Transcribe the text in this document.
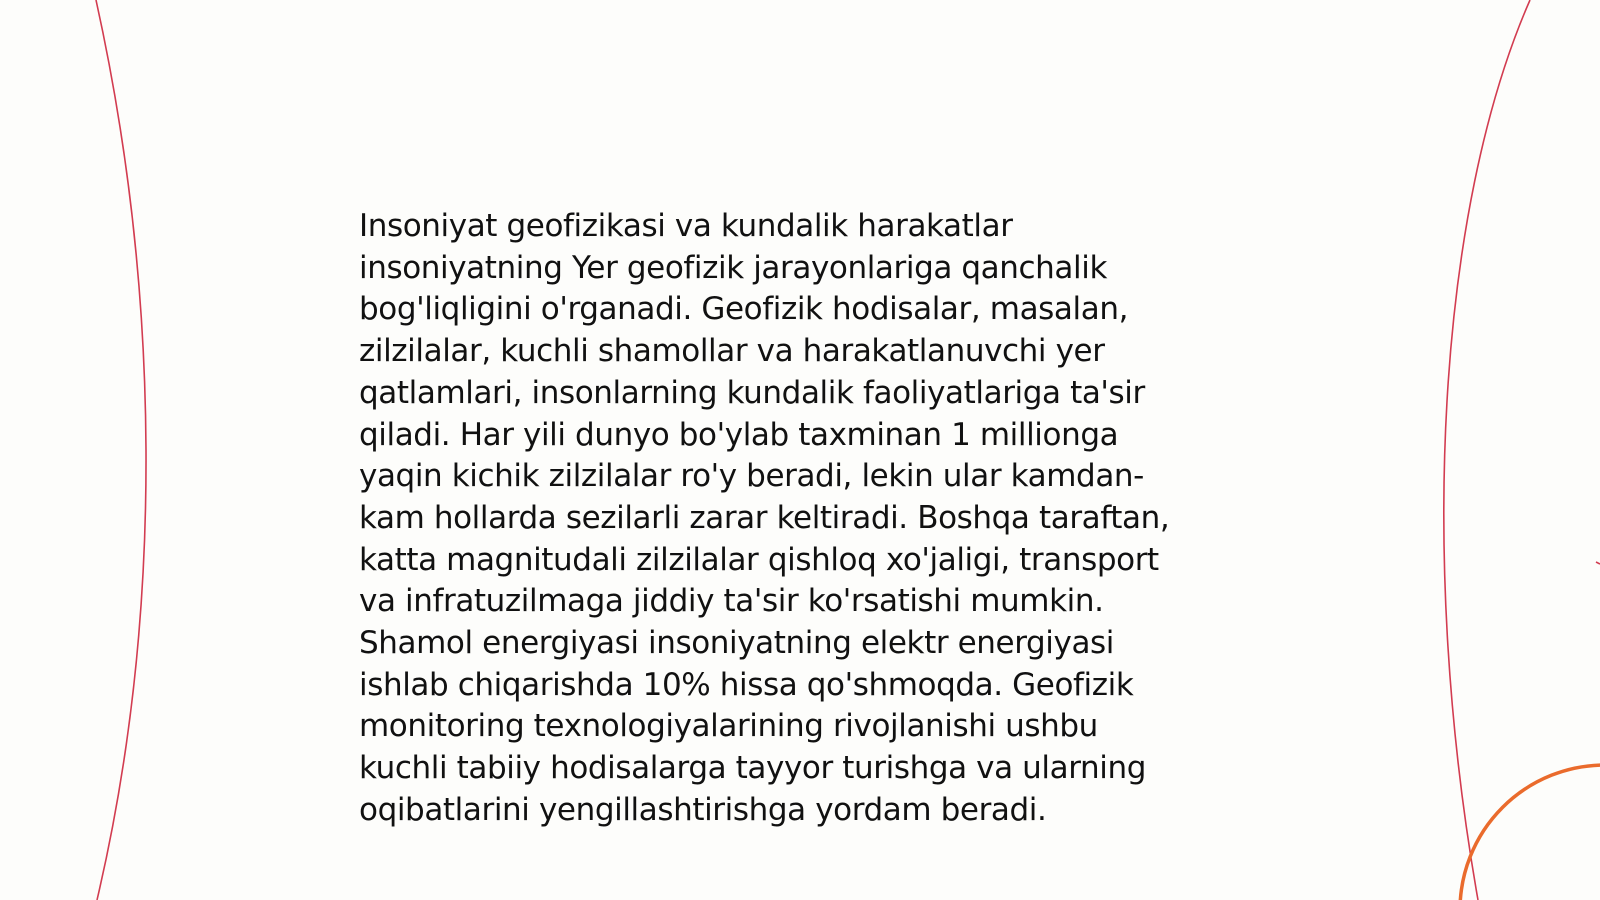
Insoniyat geofizikasi va kundalik harakatlar
insoniyatning Yer geofizik jarayonlariga qanchalik
bog'liqligini o'rganadi. Geofizik hodisalar, masalan,
zilzilalar, kuchli shamollar va harakatlanuvchi yer
qatlamlari, insonlarning kundalik faoliyatlariga ta'sir
qiladi. Har yili dunyo bo'ylab taxminan 1 millionga
yaqin kichik zilzilalar ro'y beradi, lekin ular kamdan-
kam hollarda sezilarli zarar keltiradi. Boshqa taraftan,
katta magnitudali zilzilalar qishloq xo'jaligi, transport
va infratuzilmaga jiddiy ta'sir ko'rsatishi mumkin.
Shamol energiyasi insoniyatning elektr energiyasi
ishlab chiqarishda 10% hissa qo'shmoqda. Geofizik
monitoring texnologiyalarining rivojlanishi ushbu
kuchli tabiiy hodisalarga tayyor turishga va ularning
oqibatlarini yengillashtirishga yordam beradi.
